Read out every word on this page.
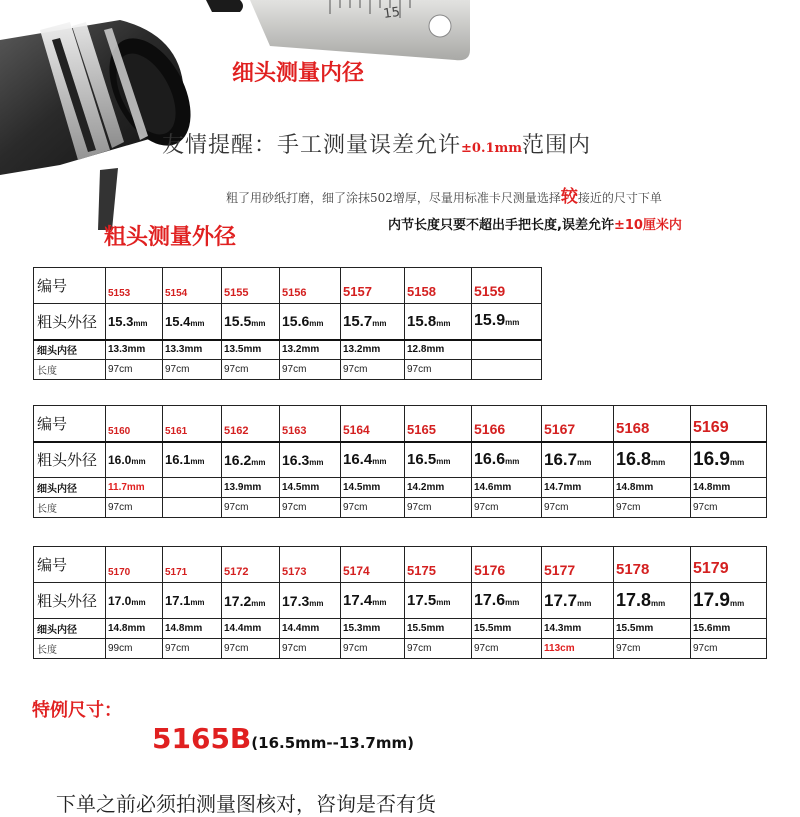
15
细头测量内径
粗头测量外径
友情提醒：手工测量误差允许±0.1mm范围内
粗了用砂纸打磨，细了涂抹502增厚，尽量用标准卡尺测量选择较接近的尺寸下单
内节长度只要不超出手把长度,误差允许±10厘米内
编号	5153	5154	5155	5156	5157	5158	5159
粗头外径	15.3mm	15.4mm	15.5mm	15.6mm	15.7mm	15.8mm	15.9mm
细头内径	13.3mm	13.3mm	13.5mm	13.2mm	13.2mm	12.8mm	
长度	97cm	97cm	97cm	97cm	97cm	97cm	
编号	5160	5161	5162	5163	5164	5165	5166	5167	5168	5169
粗头外径	16.0mm	16.1mm	16.2mm	16.3mm	16.4mm	16.5mm	16.6mm	16.7mm	16.8mm	16.9mm
细头内径	11.7mm		13.9mm	14.5mm	14.5mm	14.2mm	14.6mm	14.7mm	14.8mm	14.8mm
长度	97cm		97cm	97cm	97cm	97cm	97cm	97cm	97cm	97cm
编号	5170	5171	5172	5173	5174	5175	5176	5177	5178	5179
粗头外径	17.0mm	17.1mm	17.2mm	17.3mm	17.4mm	17.5mm	17.6mm	17.7mm	17.8mm	17.9mm
细头内径	14.8mm	14.8mm	14.4mm	14.4mm	15.3mm	15.5mm	15.5mm	14.3mm	15.5mm	15.6mm
长度	99cm	97cm	97cm	97cm	97cm	97cm	97cm	113cm	97cm	97cm
特例尺寸：
5165B(16.5mm--13.7mm)
下单之前必须拍测量图核对，咨询是否有货
